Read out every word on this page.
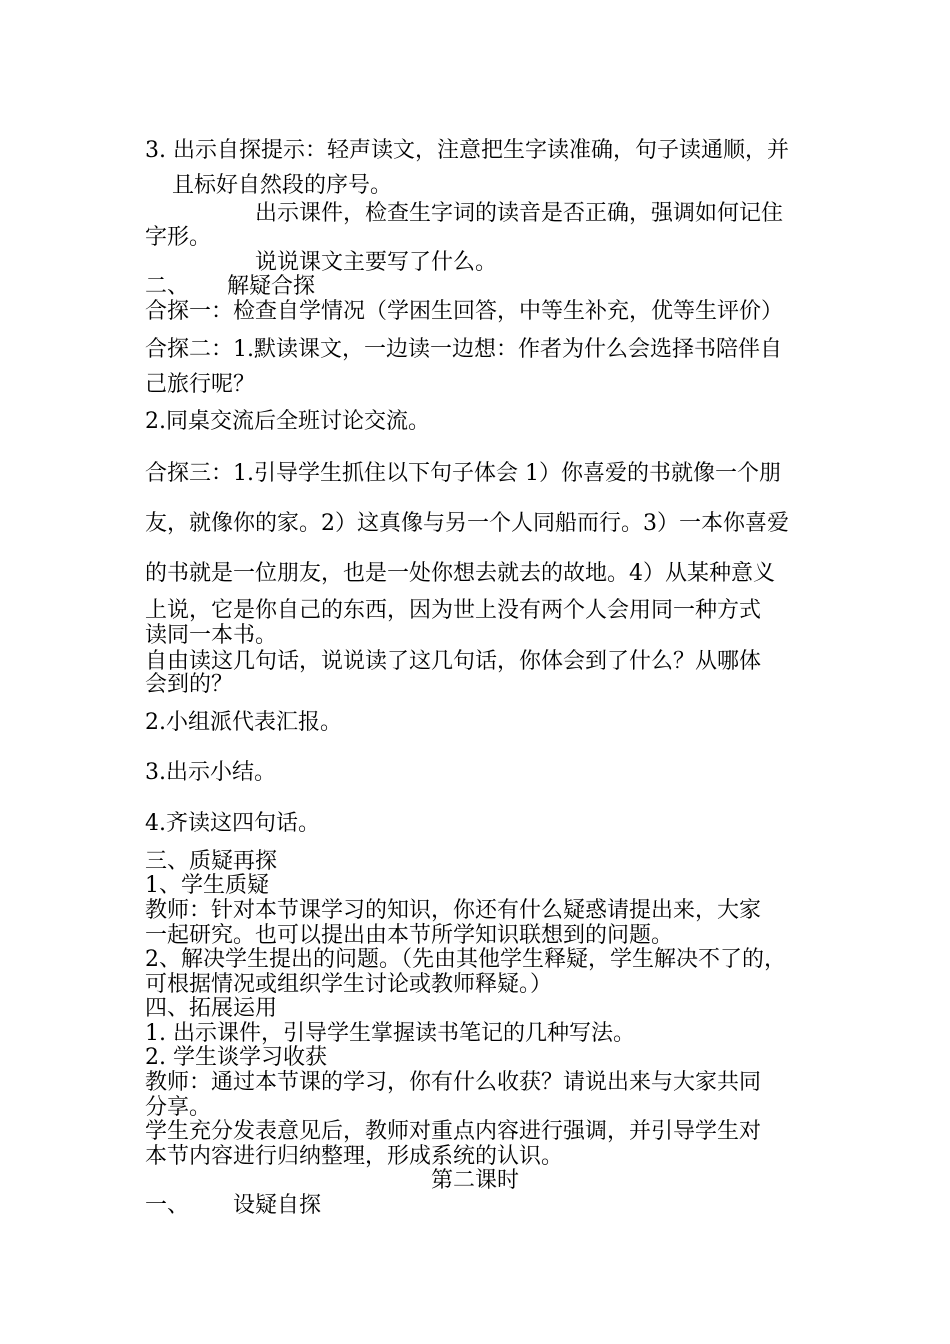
3. 出示自探提示：轻声读文，注意把生字读准确，句子读通顺，并
且标好自然段的序号。
出示课件，检查生字词的读音是否正确，强调如何记住
字形。
说说课文主要写了什么。
二、 解疑合探
合探一：检查自学情况（学困生回答，中等生补充，优等生评价）
合探二：1.默读课文，一边读一边想：作者为什么会选择书陪伴自
己旅行呢？
2.同桌交流后全班讨论交流。
合探三：1.引导学生抓住以下句子体会 1）你喜爱的书就像一个朋
友，就像你的家。2）这真像与另一个人同船而行。3）一本你喜爱
的书就是一位朋友，也是一处你想去就去的故地。4）从某种意义
上说，它是你自己的东西，因为世上没有两个人会用同一种方式
读同一本书。
自由读这几句话，说说读了这几句话，你体会到了什么？从哪体
会到的？
2.小组派代表汇报。
3.出示小结。
4.齐读这四句话。
三、质疑再探
1、学生质疑
教师：针对本节课学习的知识，你还有什么疑惑请提出来，大家
一起研究。也可以提出由本节所学知识联想到的问题。
2、解决学生提出的问题。（先由其他学生释疑，学生解决不了的，
可根据情况或组织学生讨论或教师释疑。）
四、拓展运用
1. 出示课件，引导学生掌握读书笔记的几种写法。
2. 学生谈学习收获
教师：通过本节课的学习，你有什么收获？请说出来与大家共同
分享。
学生充分发表意见后，教师对重点内容进行强调，并引导学生对
本节内容进行归纳整理，形成系统的认识。
第二课时
一、 设疑自探
